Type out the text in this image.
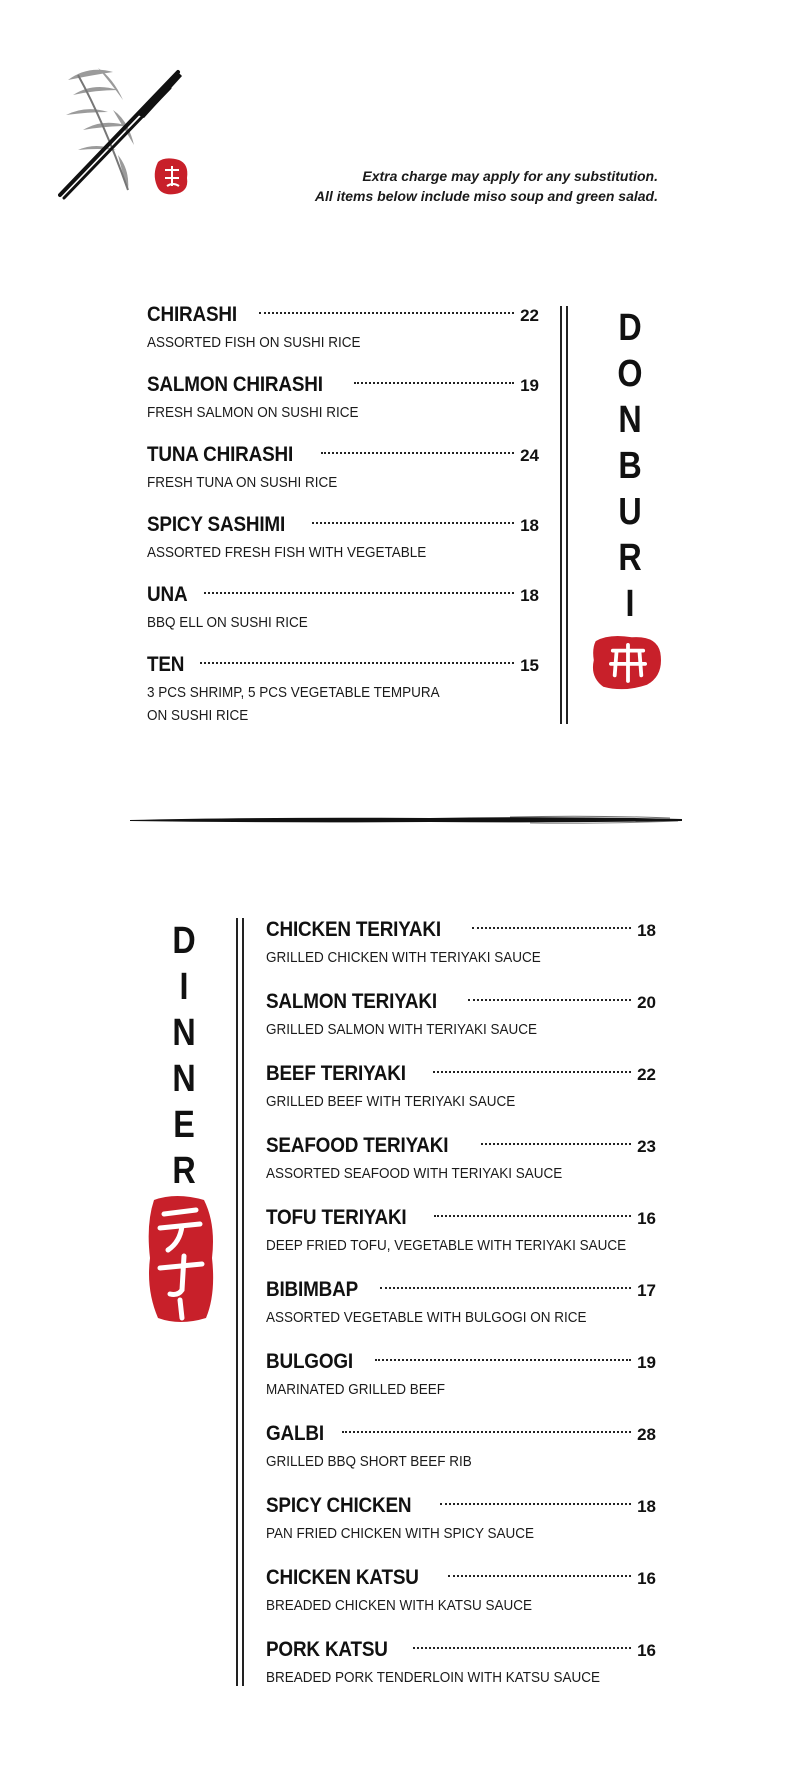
Extra charge may apply for any substitution.
All items below include miso soup and green salad.
CHIRASHI	22
ASSORTED FISH ON SUSHI RICE
SALMON CHIRASHI	19
FRESH SALMON ON SUSHI RICE
TUNA CHIRASHI	24
FRESH TUNA ON SUSHI RICE
SPICY SASHIMI	18
ASSORTED FRESH FISH WITH VEGETABLE
UNA	18
BBQ ELL ON SUSHI RICE
TEN	15
3 PCS SHRIMP, 5 PCS VEGETABLE TEMPURA
ON SUSHI RICE
D
O
N
B
U
R
I
D
I
N
N
E
R
CHICKEN TERIYAKI	18
GRILLED CHICKEN WITH TERIYAKI SAUCE
SALMON TERIYAKI	20
GRILLED SALMON WITH TERIYAKI SAUCE
BEEF TERIYAKI	22
GRILLED BEEF WITH TERIYAKI SAUCE
SEAFOOD TERIYAKI	23
ASSORTED SEAFOOD WITH TERIYAKI SAUCE
TOFU TERIYAKI	16
DEEP FRIED TOFU, VEGETABLE WITH TERIYAKI SAUCE
BIBIMBAP	17
ASSORTED VEGETABLE WITH BULGOGI ON RICE
BULGOGI	19
MARINATED GRILLED BEEF
GALBI	28
GRILLED BBQ SHORT BEEF RIB
SPICY CHICKEN	18
PAN FRIED CHICKEN WITH SPICY SAUCE
CHICKEN KATSU	16
BREADED CHICKEN WITH KATSU SAUCE
PORK KATSU	16
BREADED PORK TENDERLOIN WITH KATSU SAUCE
